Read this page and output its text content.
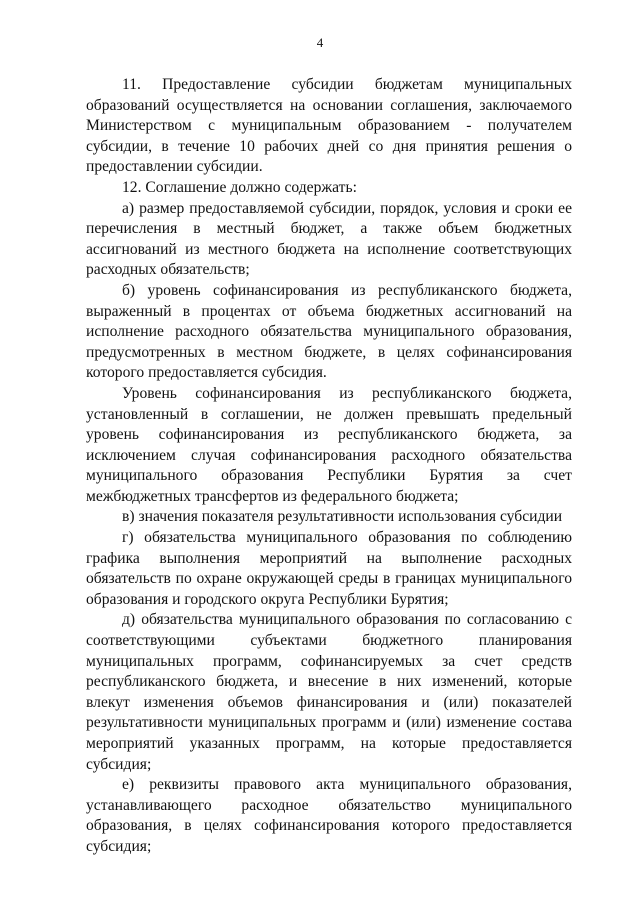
4

11. Предоставление субсидии бюджетам муниципальных образований осуществляется на основании соглашения, заключаемого Министерством с муниципальным образованием - получателем субсидии, в течение 10 рабочих дней со дня принятия решения о предоставлении субсидии.

12. Соглашение должно содержать:

а) размер предоставляемой субсидии, порядок, условия и сроки ее перечисления в местный бюджет, а также объем бюджетных ассигнований из местного бюджета на исполнение соответствующих расходных обязательств;

б) уровень софинансирования из республиканского бюджета, выраженный в процентах от объема бюджетных ассигнований на исполнение расходного обязательства муниципального образования, предусмотренных в местном бюджете, в целях софинансирования которого предоставляется субсидия.

Уровень софинансирования из республиканского бюджета, установленный в соглашении, не должен превышать предельный уровень софинансирования из республиканского бюджета, за исключением случая софинансирования расходного обязательства муниципального образования Республики Бурятия за счет межбюджетных трансфертов из федерального бюджета;

в) значения показателя результативности использования субсидии

г) обязательства муниципального образования по соблюдению графика выполнения мероприятий на выполнение расходных обязательств по охране окружающей среды в границах муниципального образования и городского округа Республики Бурятия;

д) обязательства муниципального образования по согласованию с соответствующими субъектами бюджетного планирования муниципальных программ, софинансируемых за счет средств республиканского бюджета, и внесение в них изменений, которые влекут изменения объемов финансирования и (или) показателей результативности муниципальных программ и (или) изменение состава мероприятий указанных программ, на которые предоставляется субсидия;

е) реквизиты правового акта муниципального образования, устанавливающего расходное обязательство муниципального образования, в целях софинансирования которого предоставляется субсидия;
